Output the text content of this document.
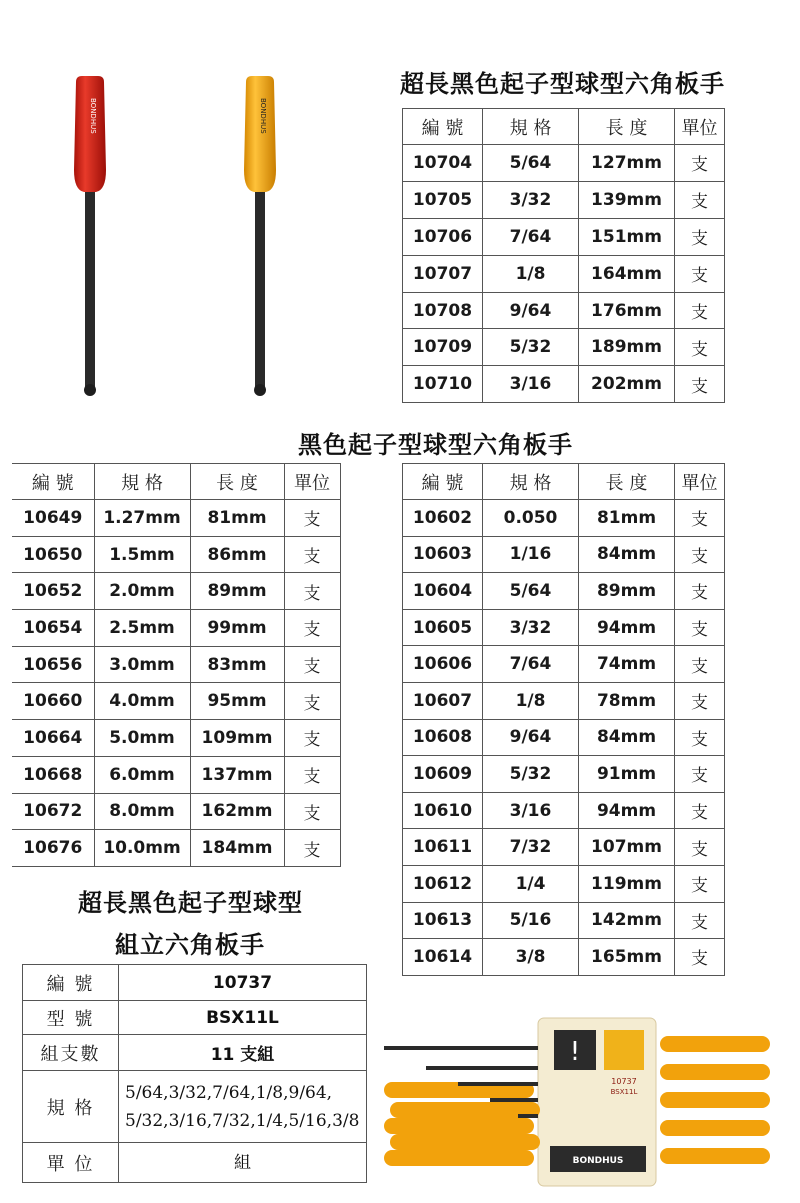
BONDHUS	BONDHUS
超長黑色起子型球型六角板手
編 號	規 格	長 度	單位
10704	5/64	127mm	支
10705	3/32	139mm	支
10706	7/64	151mm	支
10707	1/8	164mm	支
10708	9/64	176mm	支
10709	5/32	189mm	支
10710	3/16	202mm	支
黑色起子型球型六角板手
編 號	規 格	長 度	單位
10649	1.27mm	81mm	支
10650	1.5mm	86mm	支
10652	2.0mm	89mm	支
10654	2.5mm	99mm	支
10656	3.0mm	83mm	支
10660	4.0mm	95mm	支
10664	5.0mm	109mm	支
10668	6.0mm	137mm	支
10672	8.0mm	162mm	支
10676	10.0mm	184mm	支
編 號	規 格	長 度	單位
10602	0.050	81mm	支
10603	1/16	84mm	支
10604	5/64	89mm	支
10605	3/32	94mm	支
10606	7/64	74mm	支
10607	1/8	78mm	支
10608	9/64	84mm	支
10609	5/32	91mm	支
10610	3/16	94mm	支
10611	7/32	107mm	支
10612	1/4	119mm	支
10613	5/16	142mm	支
10614	3/8	165mm	支
超長黑色起子型球型
組立六角板手
編 號	10737
型 號	BSX11L
組支數	11 支組
規 格	5/64,3/32,7/64,1/8,9/64,
5/32,3/16,7/32,1/4,5/16,3/8

單 位	組
!
10737
BSX11L
BONDHUS
